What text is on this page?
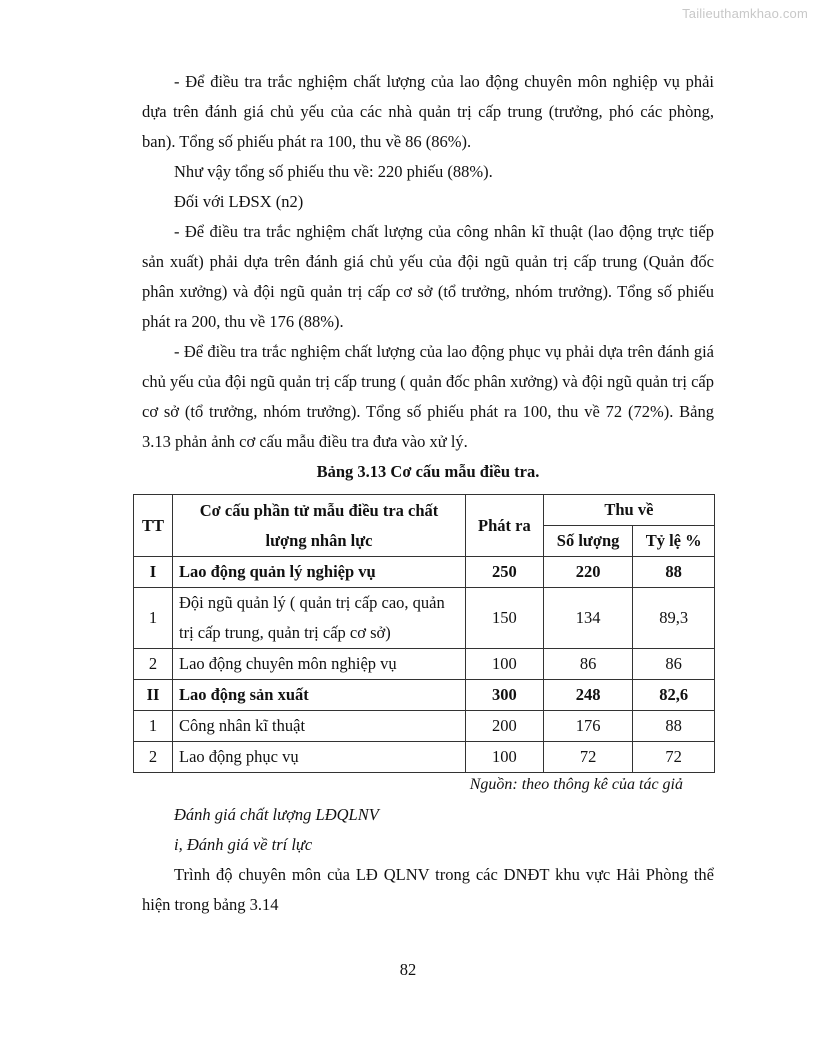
Tailieuthamkhao.com

- Để điều tra trắc nghiệm chất lượng của lao động chuyên môn nghiệp vụ phải dựa trên đánh giá chủ yếu của các nhà quản trị cấp trung (trưởng, phó các phòng, ban). Tổng số phiếu phát ra 100, thu về 86 (86%).

Như vậy tổng số phiếu thu về: 220 phiếu (88%).

Đối với LĐSX (n2)

- Để điều tra trắc nghiệm chất lượng của công nhân kĩ thuật (lao động trực tiếp sản xuất) phải dựa trên đánh giá chủ yếu của đội ngũ quản trị cấp trung (Quản đốc phân xưởng) và đội ngũ quản trị cấp cơ sở (tổ trưởng, nhóm trưởng). Tổng số phiếu phát ra 200, thu về 176 (88%).

- Để điều tra trắc nghiệm chất lượng của lao động phục vụ phải dựa trên đánh giá chủ yếu của đội ngũ quản trị cấp trung ( quản đốc phân xưởng) và đội ngũ quản trị cấp cơ sở (tổ trưởng, nhóm trưởng). Tổng số phiếu phát ra 100, thu về 72 (72%). Bảng 3.13 phản ảnh cơ cấu mẫu điều tra đưa vào xử lý.

Bảng 3.13 Cơ cấu mẫu điều tra.

TT	Cơ cấu phần tử mẫu điều tra chất lượng nhân lực	Phát ra	Thu về	
			Số lượng	Tỷ lệ %
I	Lao động quản lý nghiệp vụ	250	220	88
1	Đội ngũ quản lý ( quản trị cấp cao, quản trị cấp trung, quản trị cấp cơ sở)	150	134	89,3
2	Lao động chuyên môn nghiệp vụ	100	86	86
II	Lao động sản xuất	300	248	82,6
1	Công nhân kĩ thuật	200	176	88
2	Lao động phục vụ	100	72	72
Nguồn: theo thông kê của tác giả

Đánh giá chất lượng LĐQLNV

i, Đánh giá về trí lực

Trình độ chuyên môn của LĐ QLNV trong các DNĐT khu vực Hải Phòng thể hiện trong bảng 3.14

82
